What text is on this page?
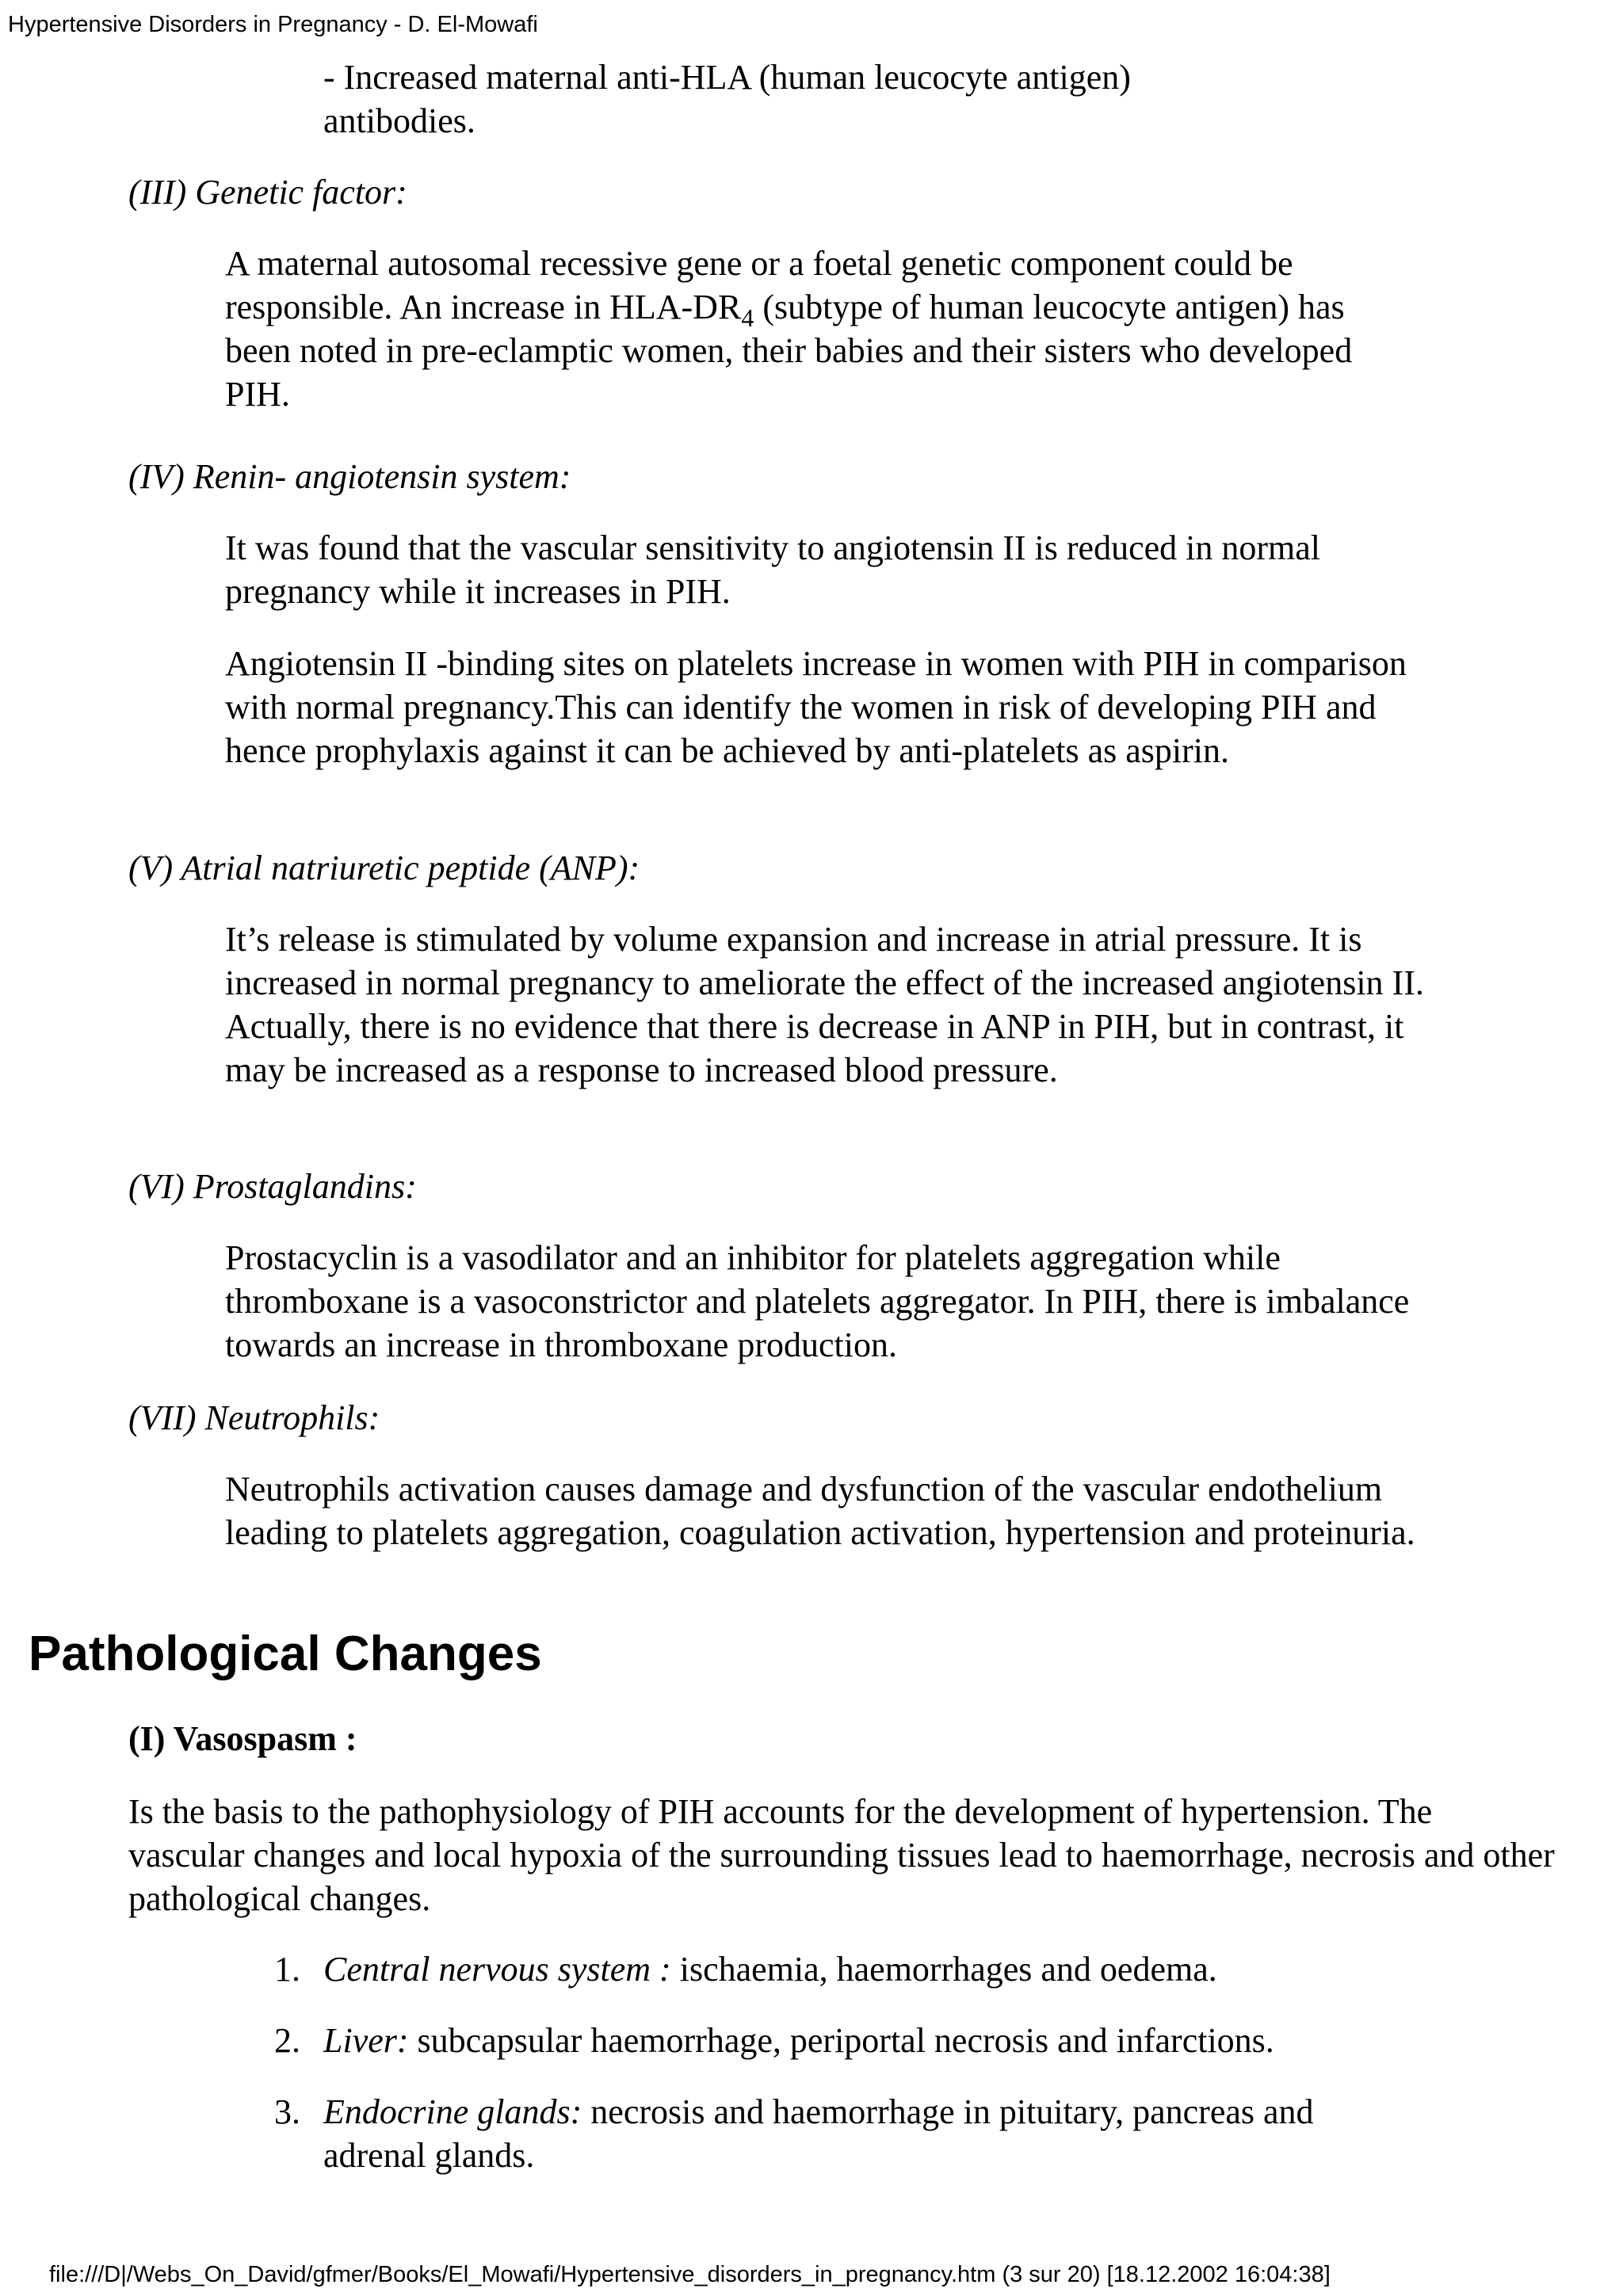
Hypertensive Disorders in Pregnancy - D. El-Mowafi

- Increased maternal anti-HLA (human leucocyte antigen)

antibodies.

(III) Genetic factor:

A maternal autosomal recessive gene or a foetal genetic component could be responsible. An increase in HLA-$DR_4$ (subtype of human leucocyte antigen) has been noted in pre-eclamptic women, their babies and their sisters who developed PIH.

(IV) Renin- angiotensin system:
It was found that the vascular sensitivity to angiotensin II is reduced in normal pregnancy while it increases in PIH.
Angiotensin II -binding sites on platelets increase in women with PIH in comparison with normal pregnancy.This can identify the women in risk of developing PIH and hence prophylaxis against it can be achieved by anti-platelets as aspirin.
(V) Atrial natriuretic peptide (ANP):
It’s release is stimulated by volume expansion and increase in atrial pressure. It is increased in normal pregnancy to ameliorate the effect of the increased angiotensin II. Actually, there is no evidence that there is decrease in ANP in PIH, but in contrast, it may be increased as a response to increased blood pressure.
(VI) Prostaglandins:
Prostacyclin is a vasodilator and an inhibitor for platelets aggregation while thromboxane is a vasoconstrictor and platelets aggregator. In PIH, there is imbalance towards an increase in thromboxane production.
(VII) Neutrophils:
Neutrophils activation causes damage and dysfunction of the vascular endothelium leading to platelets aggregation, coagulation activation, hypertension and proteinuria.
Pathological Changes
(I) Vasospasm :
Is the basis to the pathophysiology of PIH accounts for the development of hypertension. The vascular changes and local hypoxia of the surrounding tissues lead to haemorrhage, necrosis and other pathological changes.
1. Central nervous system : ischaemia, haemorrhages and oedema.
2. Liver: subcapsular haemorrhage, periportal necrosis and infarctions.
3. Endocrine glands: necrosis and haemorrhage in pituitary, pancreas and adrenal glands.
file:///D|/Webs_On_David/gfmer/Books/El_Mowafi/Hypertensive_disorders_in_pregnancy.htm (3 sur 20) [18.12.2002 16:04:38]
